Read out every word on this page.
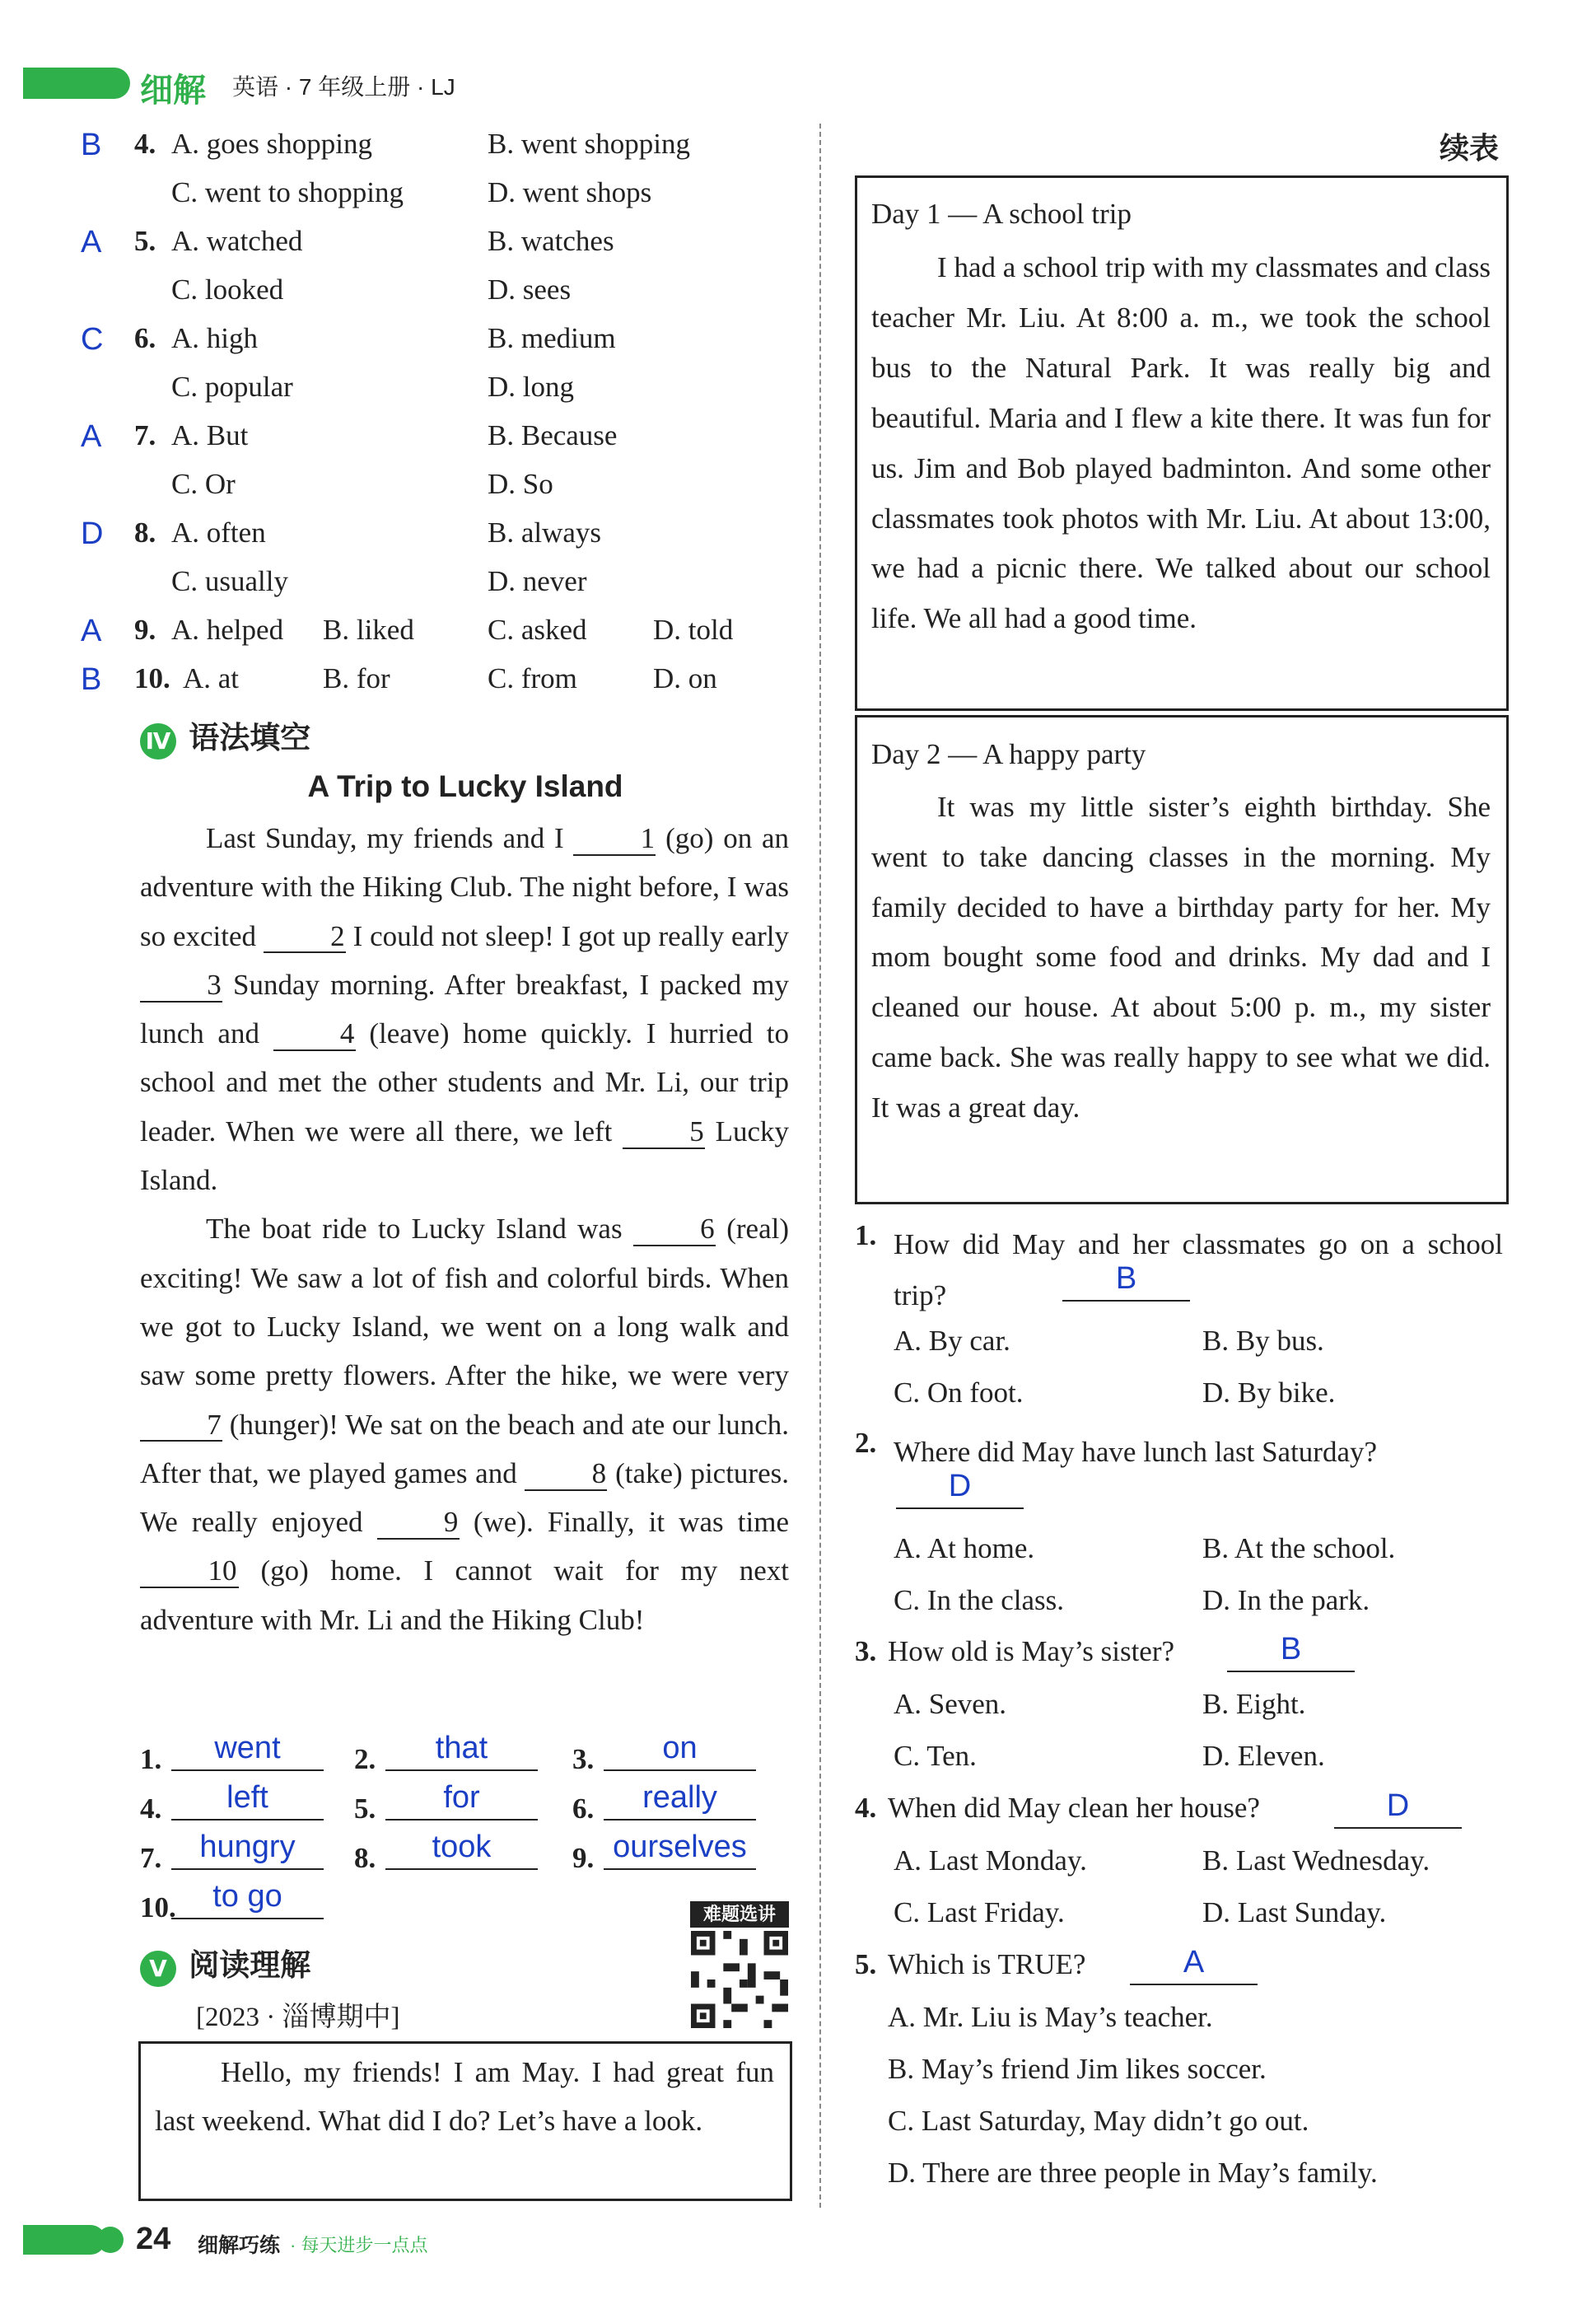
细解 英语 · 7 年级上册 · LJ
续表
B 4. A. goes shopping	B. went shopping
C. went to shopping	D. went shops
A 5. A. watched	B. watches
C. looked	D. sees
C 6. A. high	B. medium
C. popular	D. long
A 7. A. But	B. Because
C. Or	D. So
D 8. A. often	B. always
C. usually	D. never
A 9. A. helped B. liked	C. asked D. told
B 10. A. at	B. for	C. from	D. on
Ⅳ 语法填空
A Trip to Lucky Island

Last Sunday, my friends and I 1 (go) on an adventure with the Hiking Club. The night before, I was so excited 2 I could not sleep! I got up really early 3 Sunday morning. After breakfast, I packed my lunch and 4 (leave) home quickly. I hurried to school and met the other students and Mr. Li, our trip leader. When we were all there, we left 5 Lucky Island.

The boat ride to Lucky Island was 6 (real) exciting! We saw a lot of fish and colorful birds. When we got to Lucky Island, we went on a long walk and saw some pretty flowers. After the hike, we were very 7 (hunger)! We sat on the beach and ate our lunch. After that, we played games and 8 (take) pictures. We really enjoyed 9 (we). Finally, it was time 10 (go) home. I cannot wait for my next adventure with Mr. Li and the Hiking Club!

1.	went	2.	that	3.	on
4.	left	5.	for	6.	really
7.	hungry	8.	took	9. ourselves
10.	to go
Ⅴ 阅读理解
难题选讲
[2023 · 淄博期中]
Hello, my friends! I am May. I had great fun last weekend. What did I do? Let’s have a look.
Day 1 — A school trip
I had a school trip with my classmates and class teacher Mr. Liu. At 8:00 a. m., we took the school bus to the Natural Park. It was really big and beautiful. Maria and I flew a kite there. It was fun for us. Jim and Bob played badminton. And some other classmates took photos with Mr. Liu. At about 13:00, we had a picnic there. We talked about our school life. We all had a good time.
Day 2 — A happy party
It was my little sister’s eighth birthday. She went to take dancing classes in the morning. My family decided to have a birthday party for her. My mom bought some food and drinks. My dad and I cleaned our house. At about 5:00 p. m., my sister came back. She was really happy to see what we did. It was a great day.
1. How did May and her classmates go on a school trip?	B
A. By car.	B. By bus.
C. On foot.	D. By bike.
2. Where did May have lunch last Saturday?
D
A. At home.	B. At the school.
C. In the class.	D. In the park.
3. How old is May’s sister?	B
A. Seven.	B. Eight.
C. Ten.	D. Eleven.
4. When did May clean her house?	D
A. Last Monday.	B. Last Wednesday.
C. Last Friday.	D. Last Sunday.
5. Which is TRUE?	A
A. Mr. Liu is May’s teacher.
B. May’s friend Jim likes soccer.
C. Last Saturday, May didn’t go out.
D. There are three people in May’s family.
24 细解巧练 · 每天进步一点点
